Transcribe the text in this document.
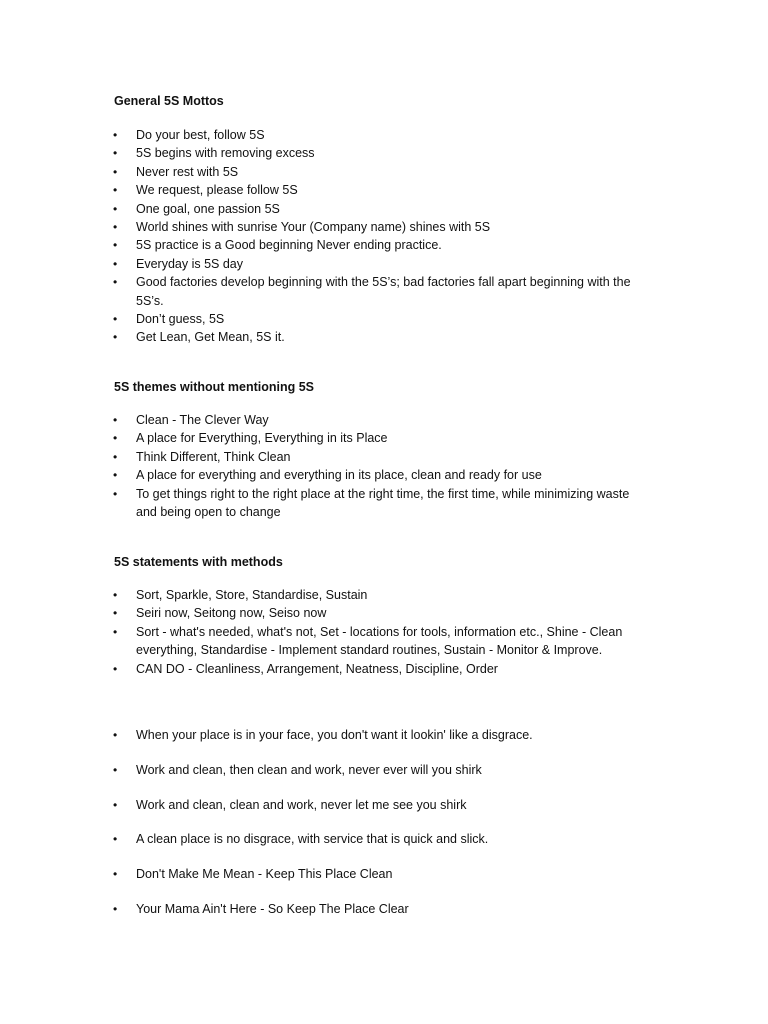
General 5S Mottos
• Do your best, follow 5S
• 5S begins with removing excess
• Never rest with 5S
• We request, please follow 5S
• One goal, one passion 5S
• World shines with sunrise Your (Company name) shines with 5S
• 5S practice is a Good beginning Never ending practice.
• Everyday is 5S day
• Good factories develop beginning with the 5S’s; bad factories fall apart beginning with the 5S’s.
• Don’t guess, 5S
• Get Lean, Get Mean, 5S it.
5S themes without mentioning 5S
• Clean - The Clever Way
• A place for Everything, Everything in its Place
• Think Different, Think Clean
• A place for everything and everything in its place, clean and ready for use
• To get things right to the right place at the right time, the first time, while minimizing waste and being open to change
5S statements with methods
• Sort, Sparkle, Store, Standardise, Sustain
• Seiri now, Seitong now, Seiso now
• Sort - what's needed, what's not, Set - locations for tools, information etc., Shine - Clean everything, Standardise - Implement standard routines, Sustain - Monitor & Improve.
• CAN DO - Cleanliness, Arrangement, Neatness, Discipline, Order
• When your place is in your face, you don't want it lookin' like a disgrace.
• Work and clean, then clean and work, never ever will you shirk
• Work and clean, clean and work, never let me see you shirk
• A clean place is no disgrace, with service that is quick and slick.
• Don't Make Me Mean - Keep This Place Clean
• Your Mama Ain't Here - So Keep The Place Clear
